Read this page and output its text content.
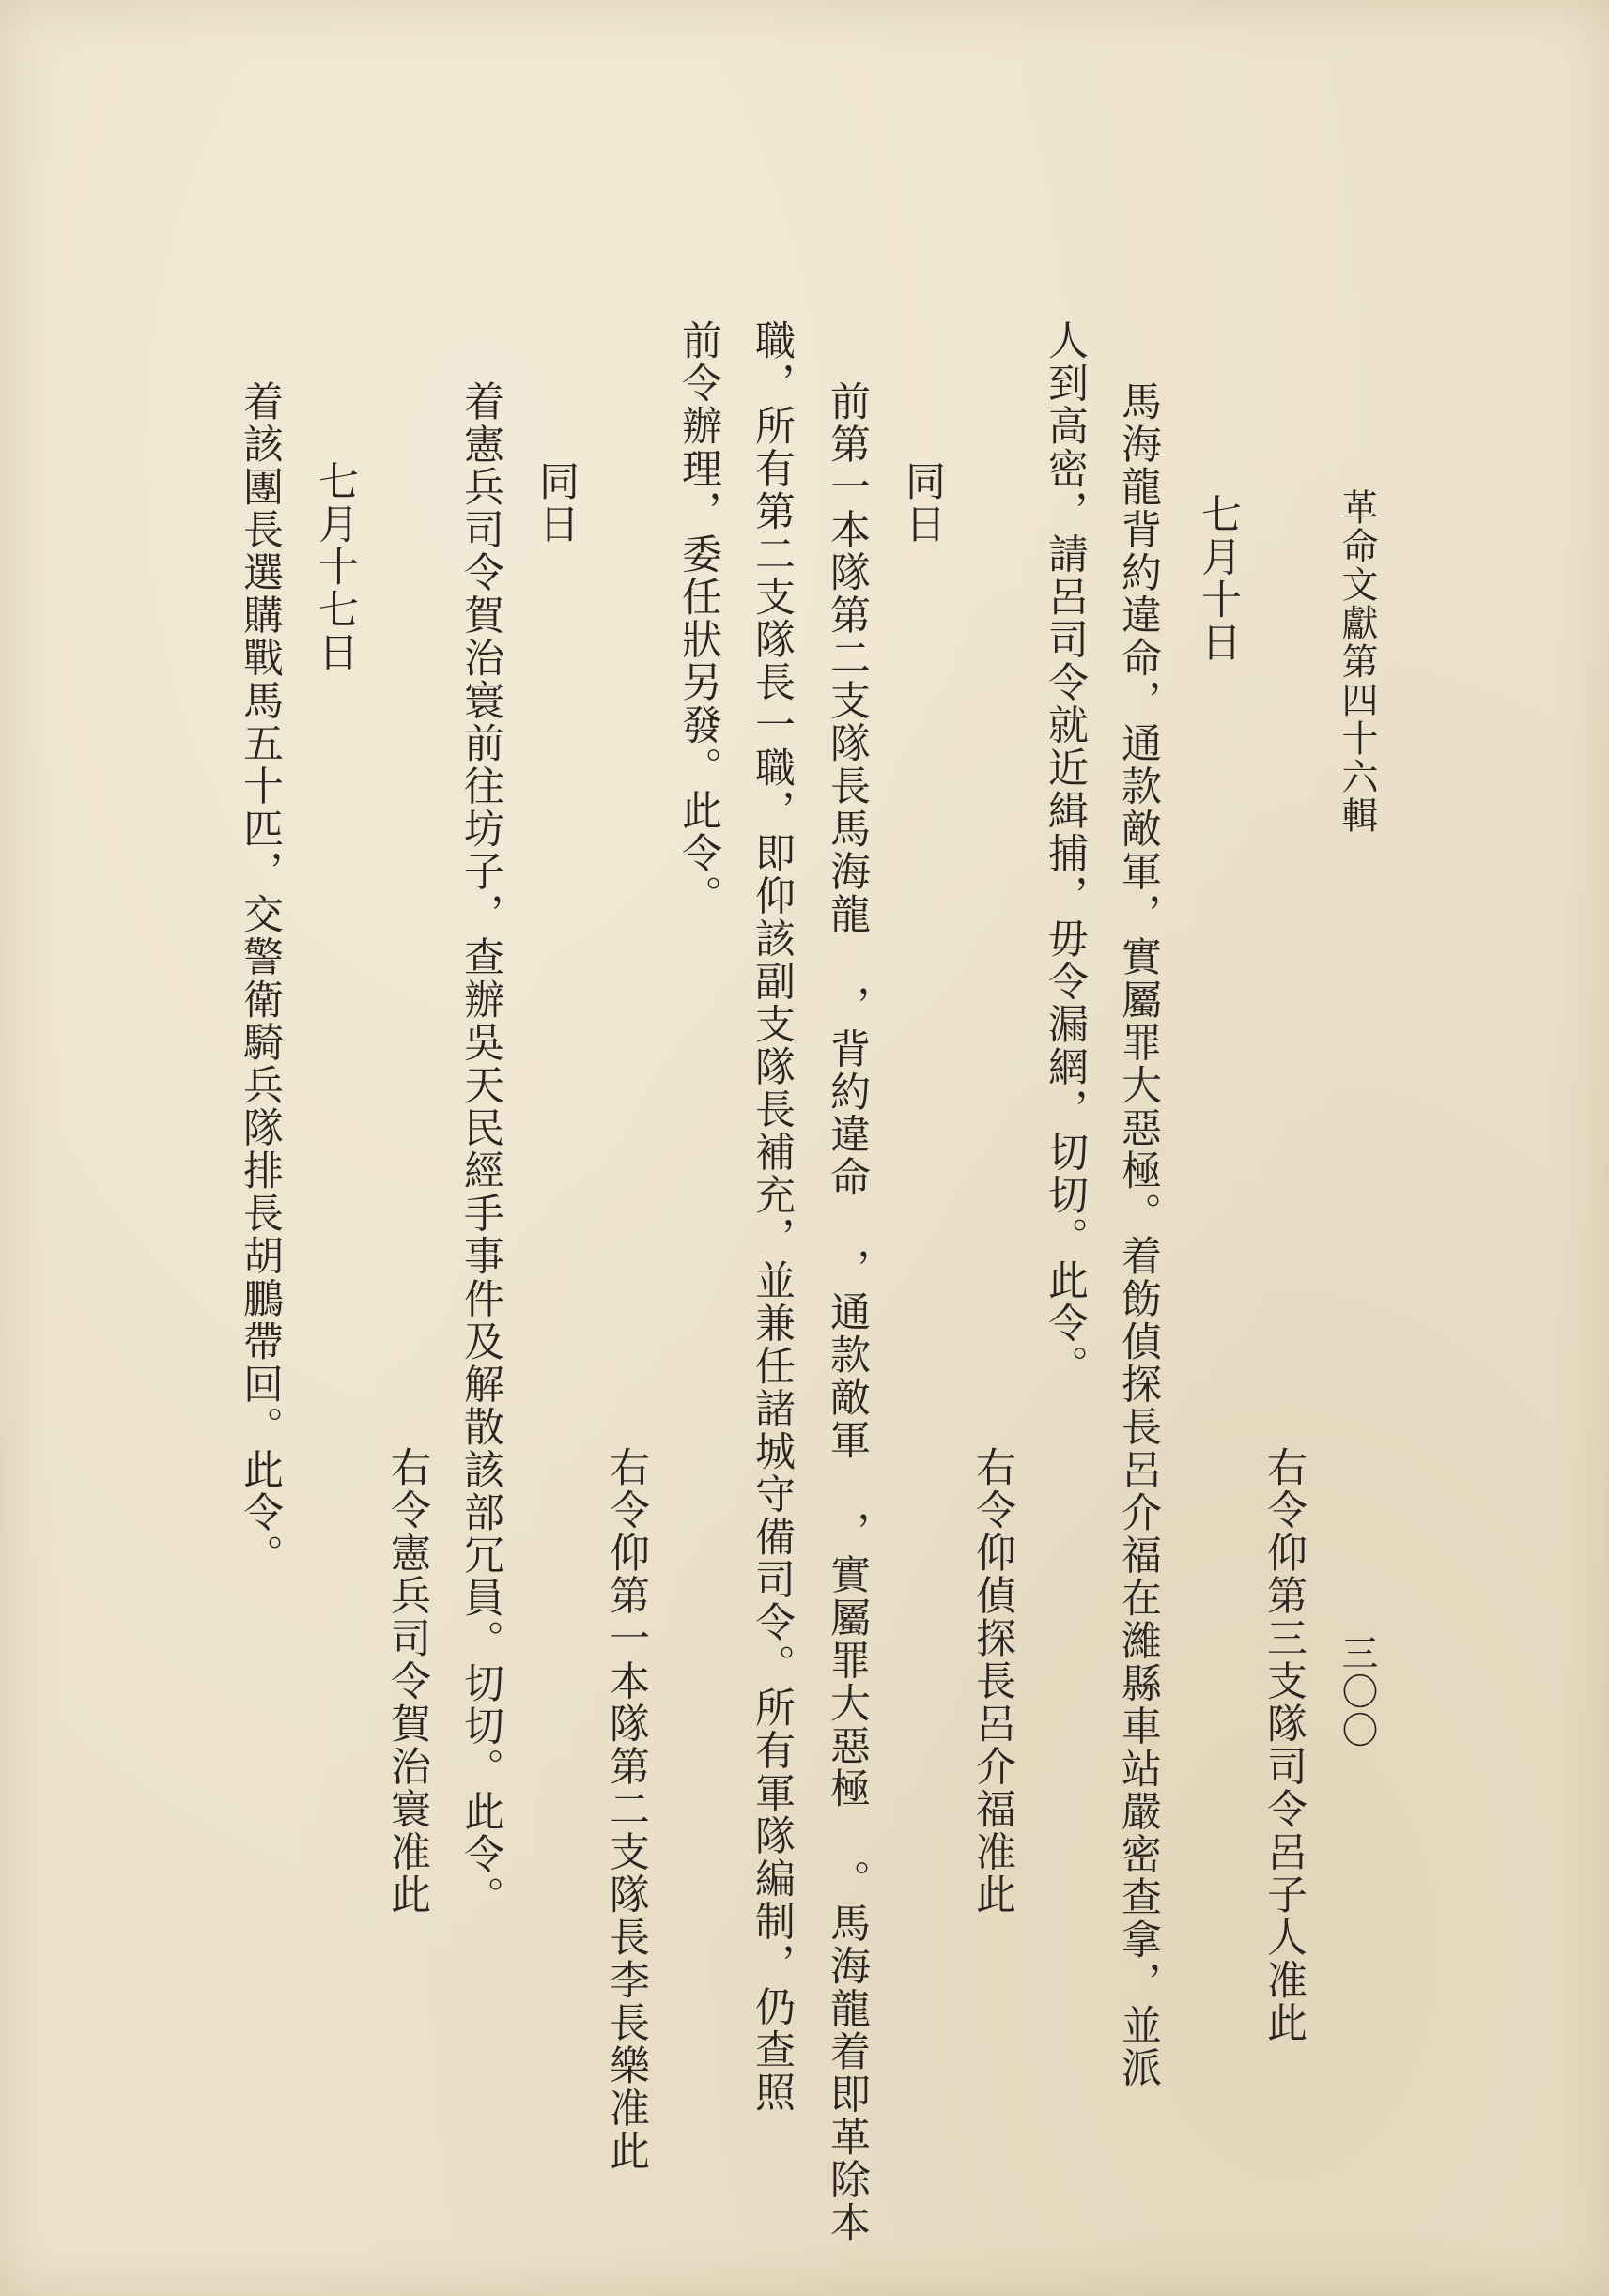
三〇〇
革命文獻第四十六輯
右令仰第三支隊司令呂子人准此
七月十日
馬海龍背約違命，通款敵軍，實屬罪大惡極。着飭偵探長呂介福在濰縣車站嚴密查拿，並派
人到高密，請呂司令就近緝捕，毋令漏網，切切。此令。
右令仰偵探長呂介福准此
同日
前第一本隊第二支隊長馬海龍 ，背約違命 ，通款敵軍 ，實屬罪大惡極 。馬海龍着即革除本
職，所有第二支隊長一職，即仰該副支隊長補充，並兼任諸城守備司令。所有軍隊編制，仍查照
前令辦理，委任狀另發。此令。
右令仰第一本隊第二支隊長李長樂准此
同日
着憲兵司令賀治寰前往坊子，查辦吳天民經手事件及解散該部冗員。切切。此令。
右令憲兵司令賀治寰准此
七月十七日
着該團長選購戰馬五十匹，交警衛騎兵隊排長胡鵬帶回。此令。
